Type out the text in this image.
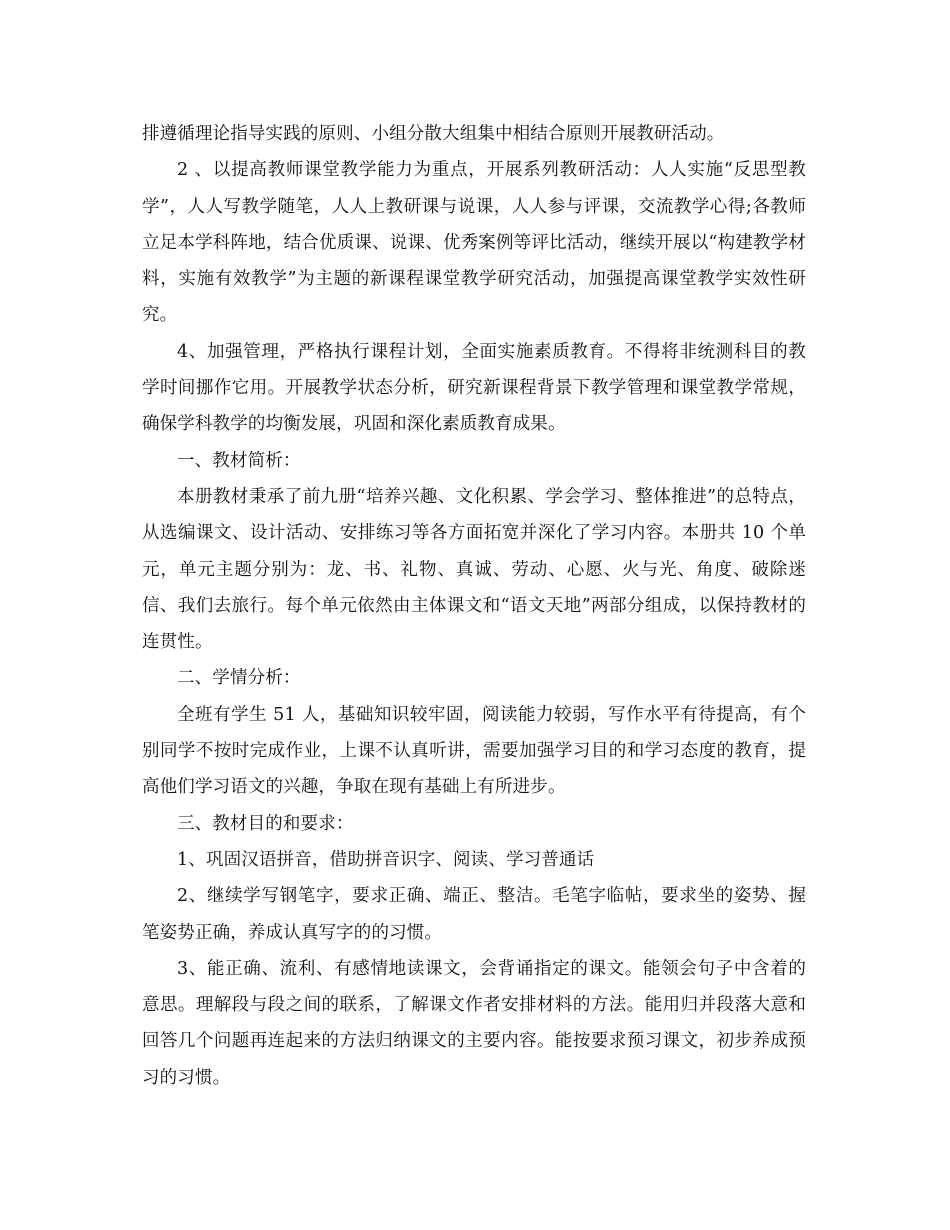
排遵循理论指导实践的原则、小组分散大组集中相结合原则开展教研活动。

2 、以提高教师课堂教学能力为重点，开展系列教研活动：人人实施“反思型教学”，人人写教学随笔，人人上教研课与说课，人人参与评课，交流教学心得;各教师立足本学科阵地，结合优质课、说课、优秀案例等评比活动，继续开展以“构建教学材料，实施有效教学”为主题的新课程课堂教学研究活动，加强提高课堂教学实效性研究。

4、加强管理，严格执行课程计划，全面实施素质教育。不得将非统测科目的教学时间挪作它用。开展教学状态分析，研究新课程背景下教学管理和课堂教学常规，确保学科教学的均衡发展，巩固和深化素质教育成果。

一、教材简析：

本册教材秉承了前九册“培养兴趣、文化积累、学会学习、整体推进”的总特点，从选编课文、设计活动、安排练习等各方面拓宽并深化了学习内容。本册共 10 个单元，单元主题分别为：龙、书、礼物、真诚、劳动、心愿、火与光、角度、破除迷信、我们去旅行。每个单元依然由主体课文和“语文天地”两部分组成，以保持教材的连贯性。

二、学情分析：

全班有学生 51 人，基础知识较牢固，阅读能力较弱，写作水平有待提高，有个别同学不按时完成作业，上课不认真听讲，需要加强学习目的和学习态度的教育，提高他们学习语文的兴趣，争取在现有基础上有所进步。

三、教材目的和要求：

1、巩固汉语拼音，借助拼音识字、阅读、学习普通话

2、继续学写钢笔字，要求正确、端正、整洁。毛笔字临帖，要求坐的姿势、握笔姿势正确，养成认真写字的的习惯。

3、能正确、流利、有感情地读课文，会背诵指定的课文。能领会句子中含着的意思。理解段与段之间的联系，了解课文作者安排材料的方法。能用归并段落大意和回答几个问题再连起来的方法归纳课文的主要内容。能按要求预习课文，初步养成预习的习惯。
